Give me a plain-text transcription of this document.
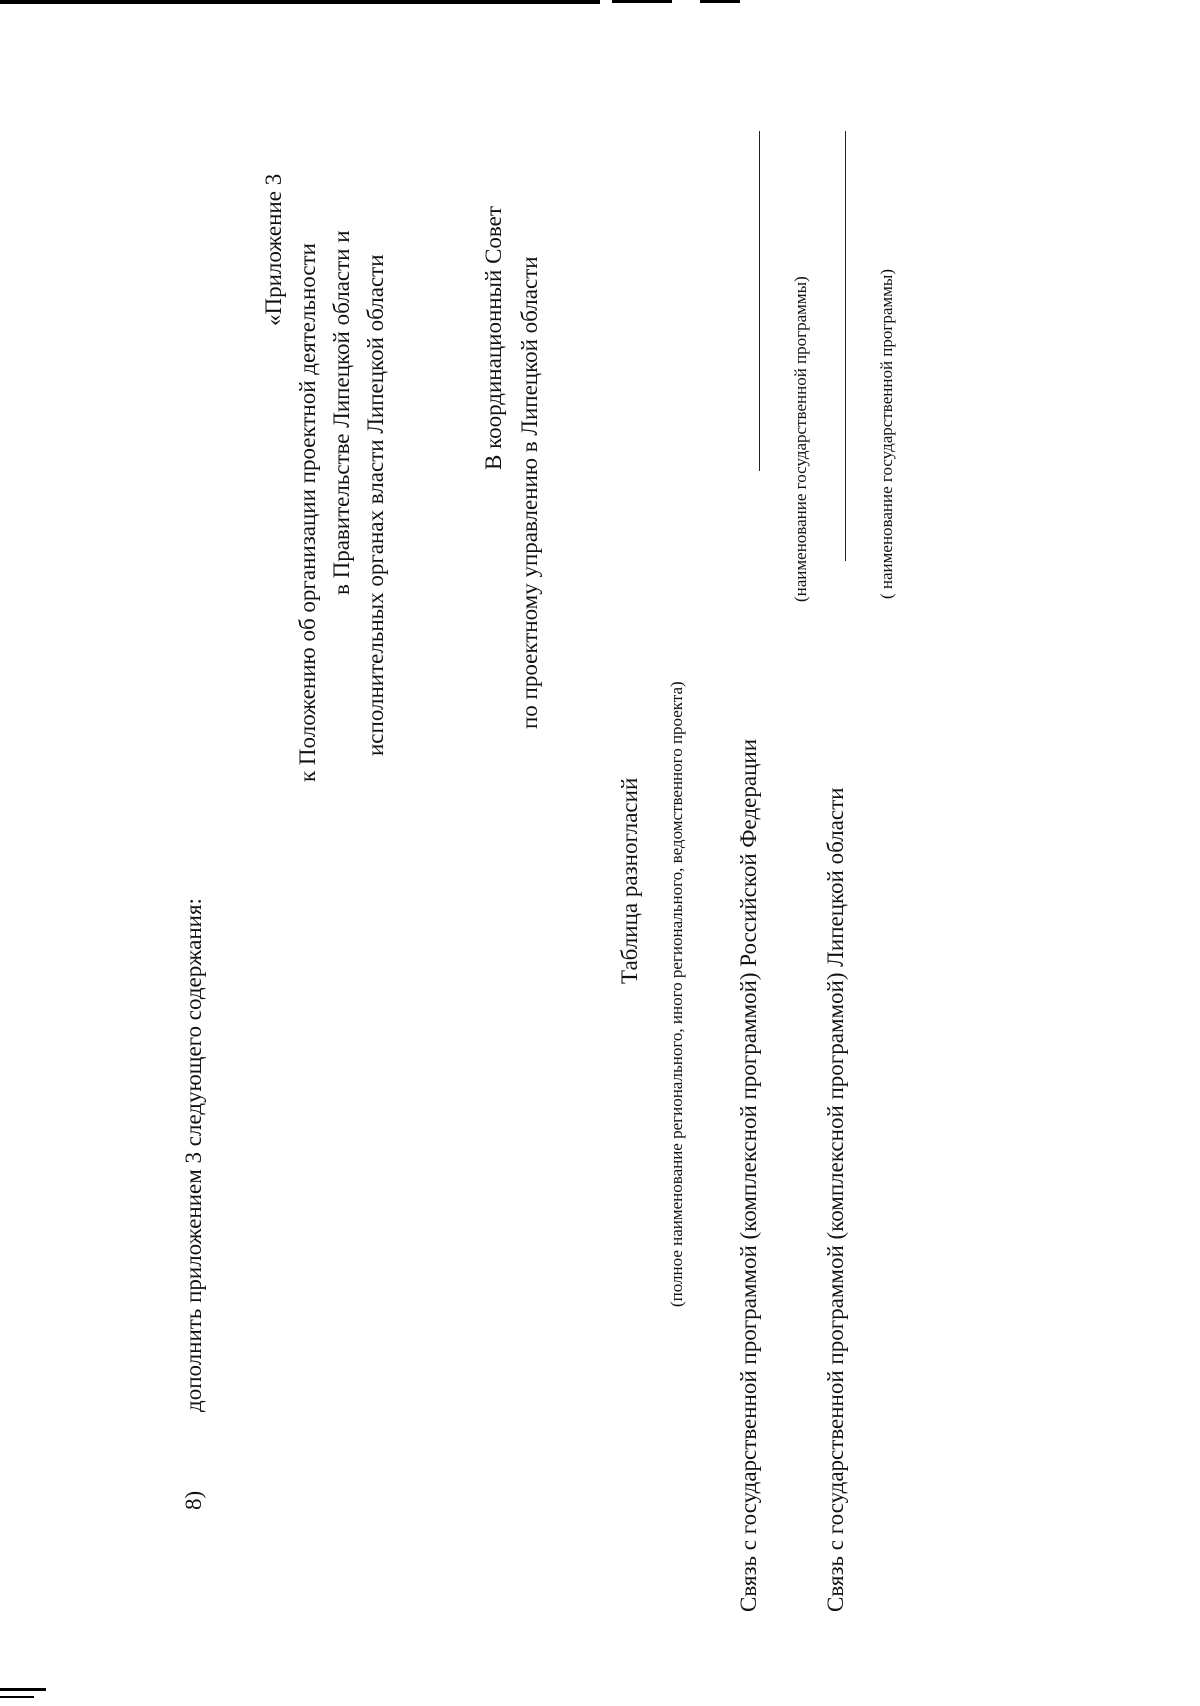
8)
дополнить приложением 3 следующего содержания:
«Приложение 3 к Положению об организации проектной деятельности в Правительстве Липецкой области и исполнительных органах власти Липецкой области	В координационный Совет по проектному управлению в Липецкой области
Таблица разногласий (полное наименование регионального, иного регионального, ведомственного проекта) Связь с государственной программой (комплексной программой) Российской Федерации
(наименование государственной программы)
Связь с государственной программой (комплексной программой) Липецкой области
( наименование государственной программы)
